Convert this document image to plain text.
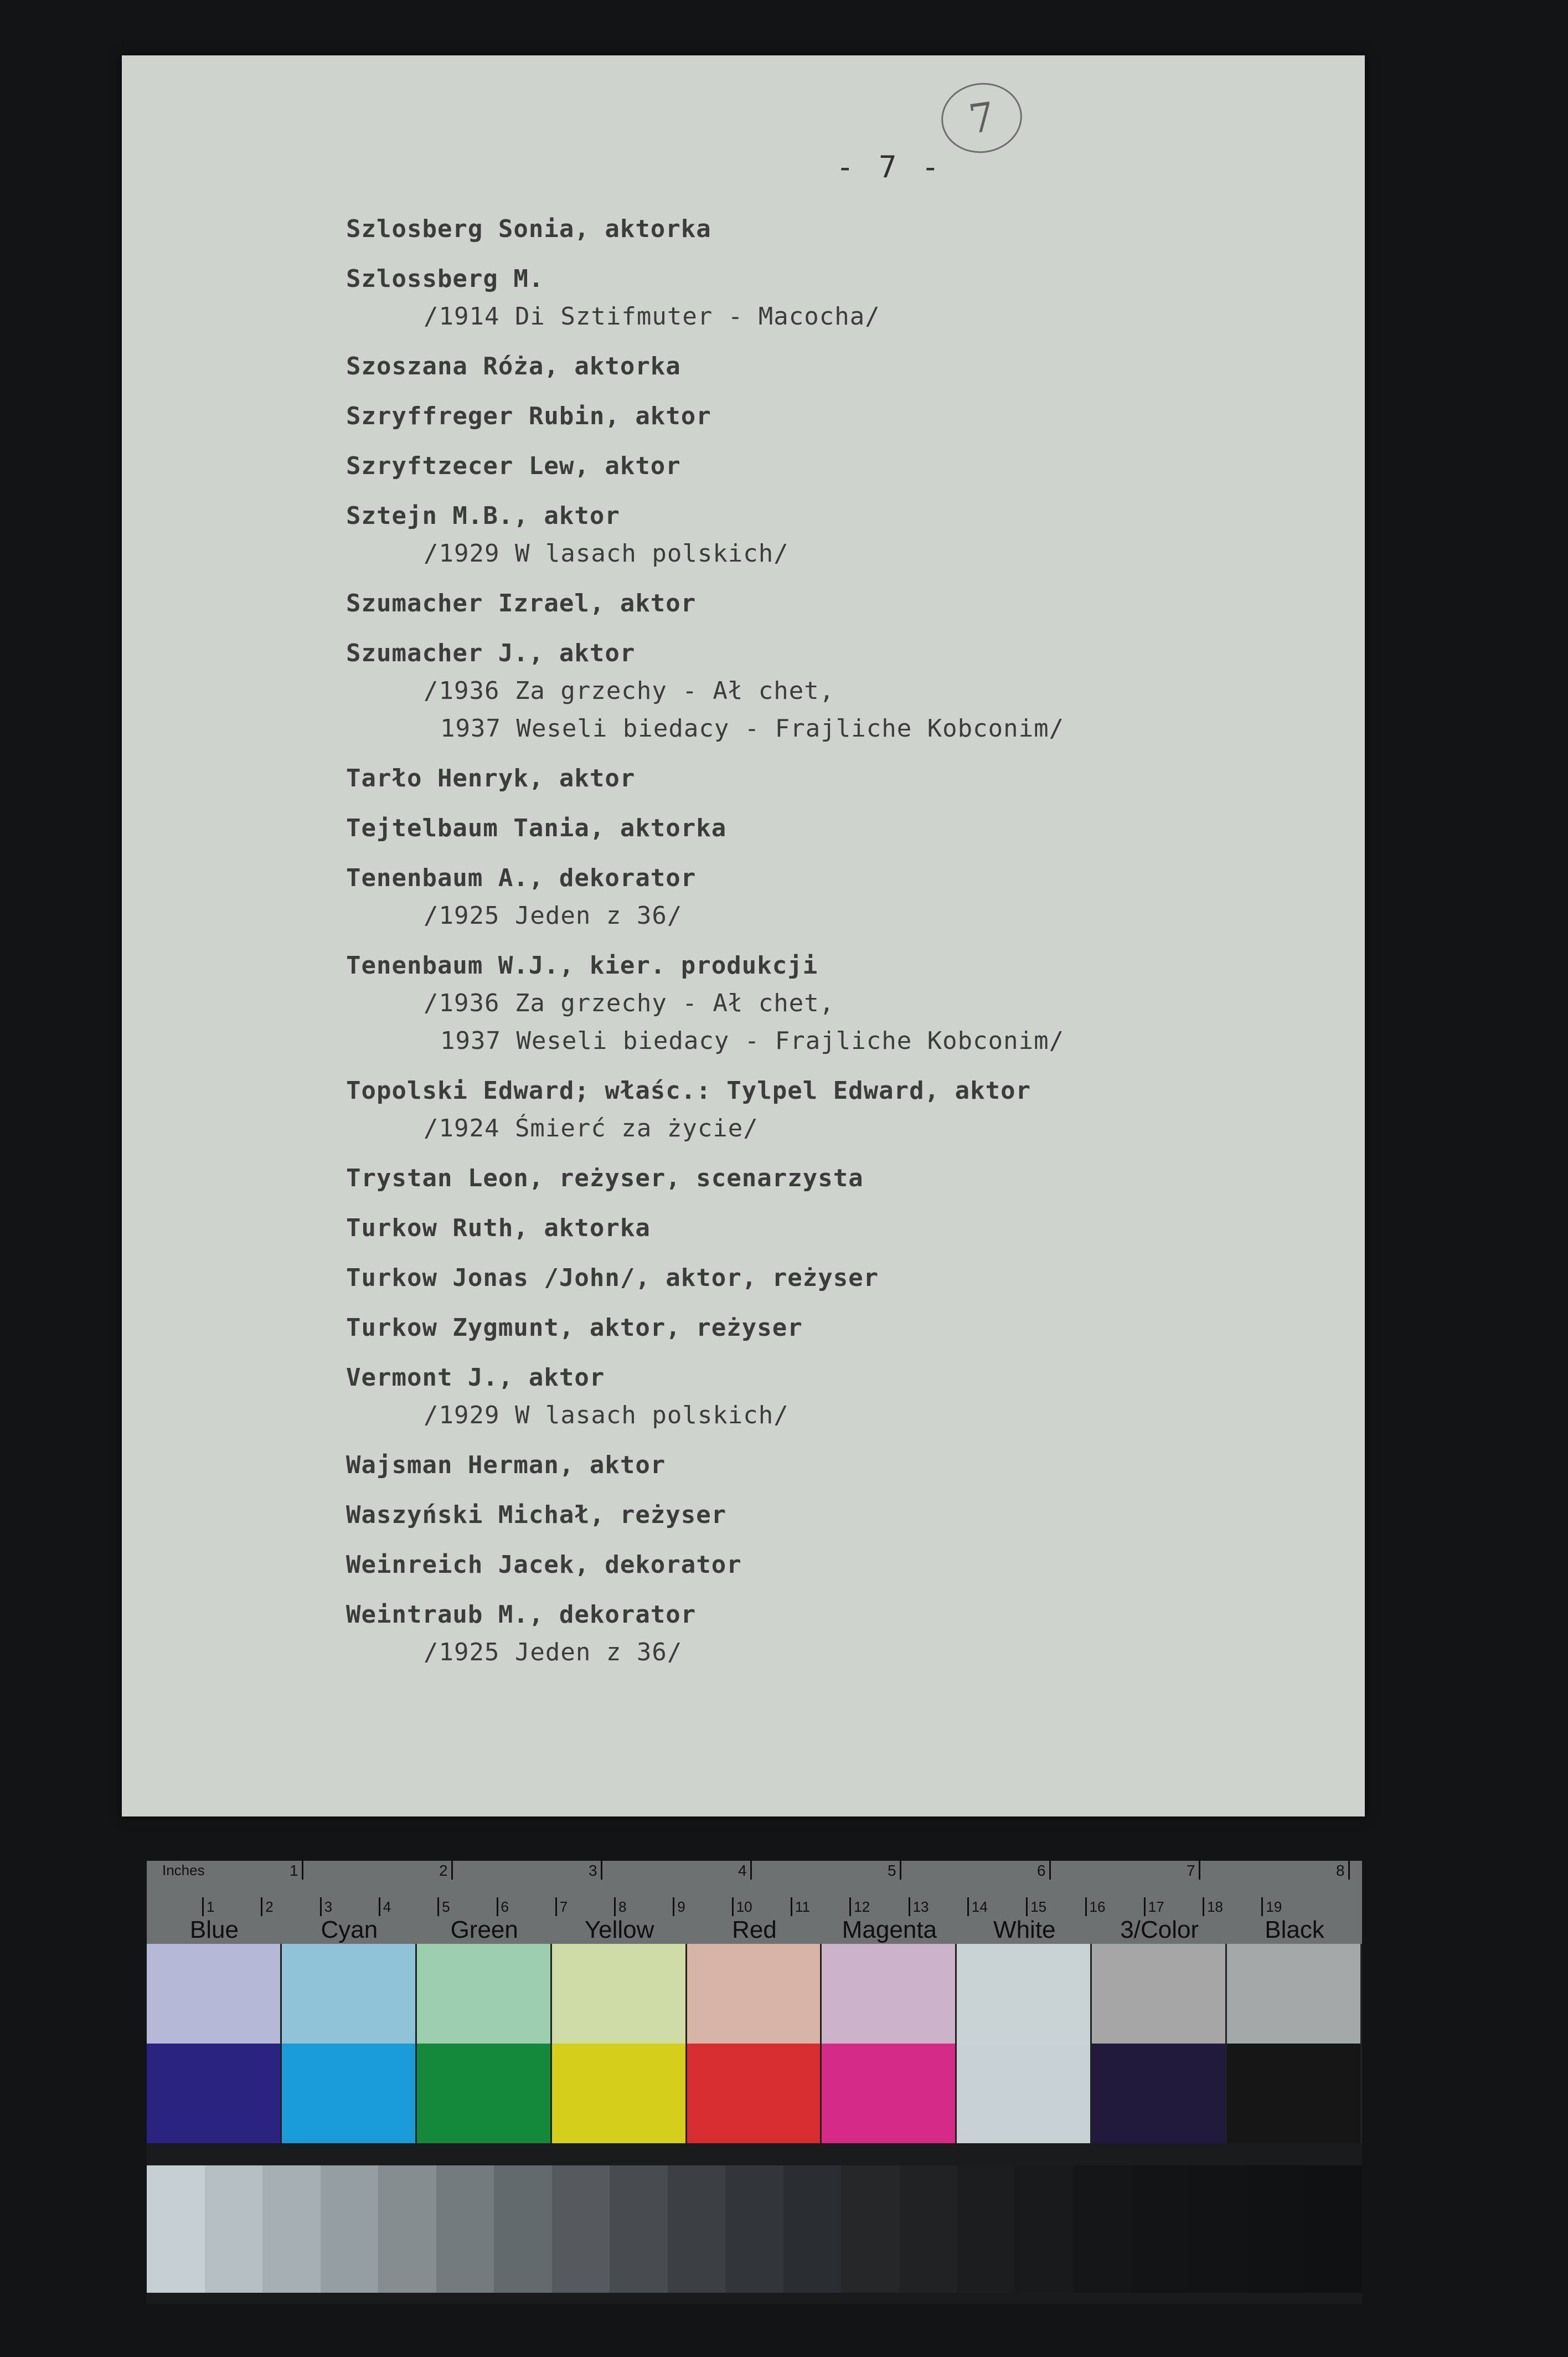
- 7 -
7
Szlosberg Sonia, aktorka
Szlossberg M.
/1914 Di Sztifmuter - Macocha/
Szoszana Róża, aktorka
Szryffreger Rubin, aktor
Szryftzecer Lew, aktor
Sztejn M.B., aktor
/1929 W lasach polskich/
Szumacher Izrael, aktor
Szumacher J., aktor
/1936 Za grzechy - Ał chet,
1937 Weseli biedacy - Frajliche Kobconim/
Tarło Henryk, aktor
Tejtelbaum Tania, aktorka
Tenenbaum A., dekorator
/1925 Jeden z 36/
Tenenbaum W.J., kier. produkcji
/1936 Za grzechy - Ał chet,
1937 Weseli biedacy - Frajliche Kobconim/
Topolski Edward; właśc.: Tylpel Edward, aktor
/1924 Śmierć za życie/
Trystan Leon, reżyser, scenarzysta
Turkow Ruth, aktorka
Turkow Jonas /John/, aktor, reżyser
Turkow Zygmunt, aktor, reżyser
Vermont J., aktor
/1929 W lasach polskich/
Wajsman Herman, aktor
Waszyński Michał, reżyser
Weinreich Jacek, dekorator
Weintraub M., dekorator
/1925 Jeden z 36/
Inches	1	2	3	4	5	6	7	8
1	2	3	4	5	6	7	8	9	10	11	12	13	14	15	16	17	18	19
Blue	Cyan	Green	Yellow	Red	Magenta	White	3/Color	Black
